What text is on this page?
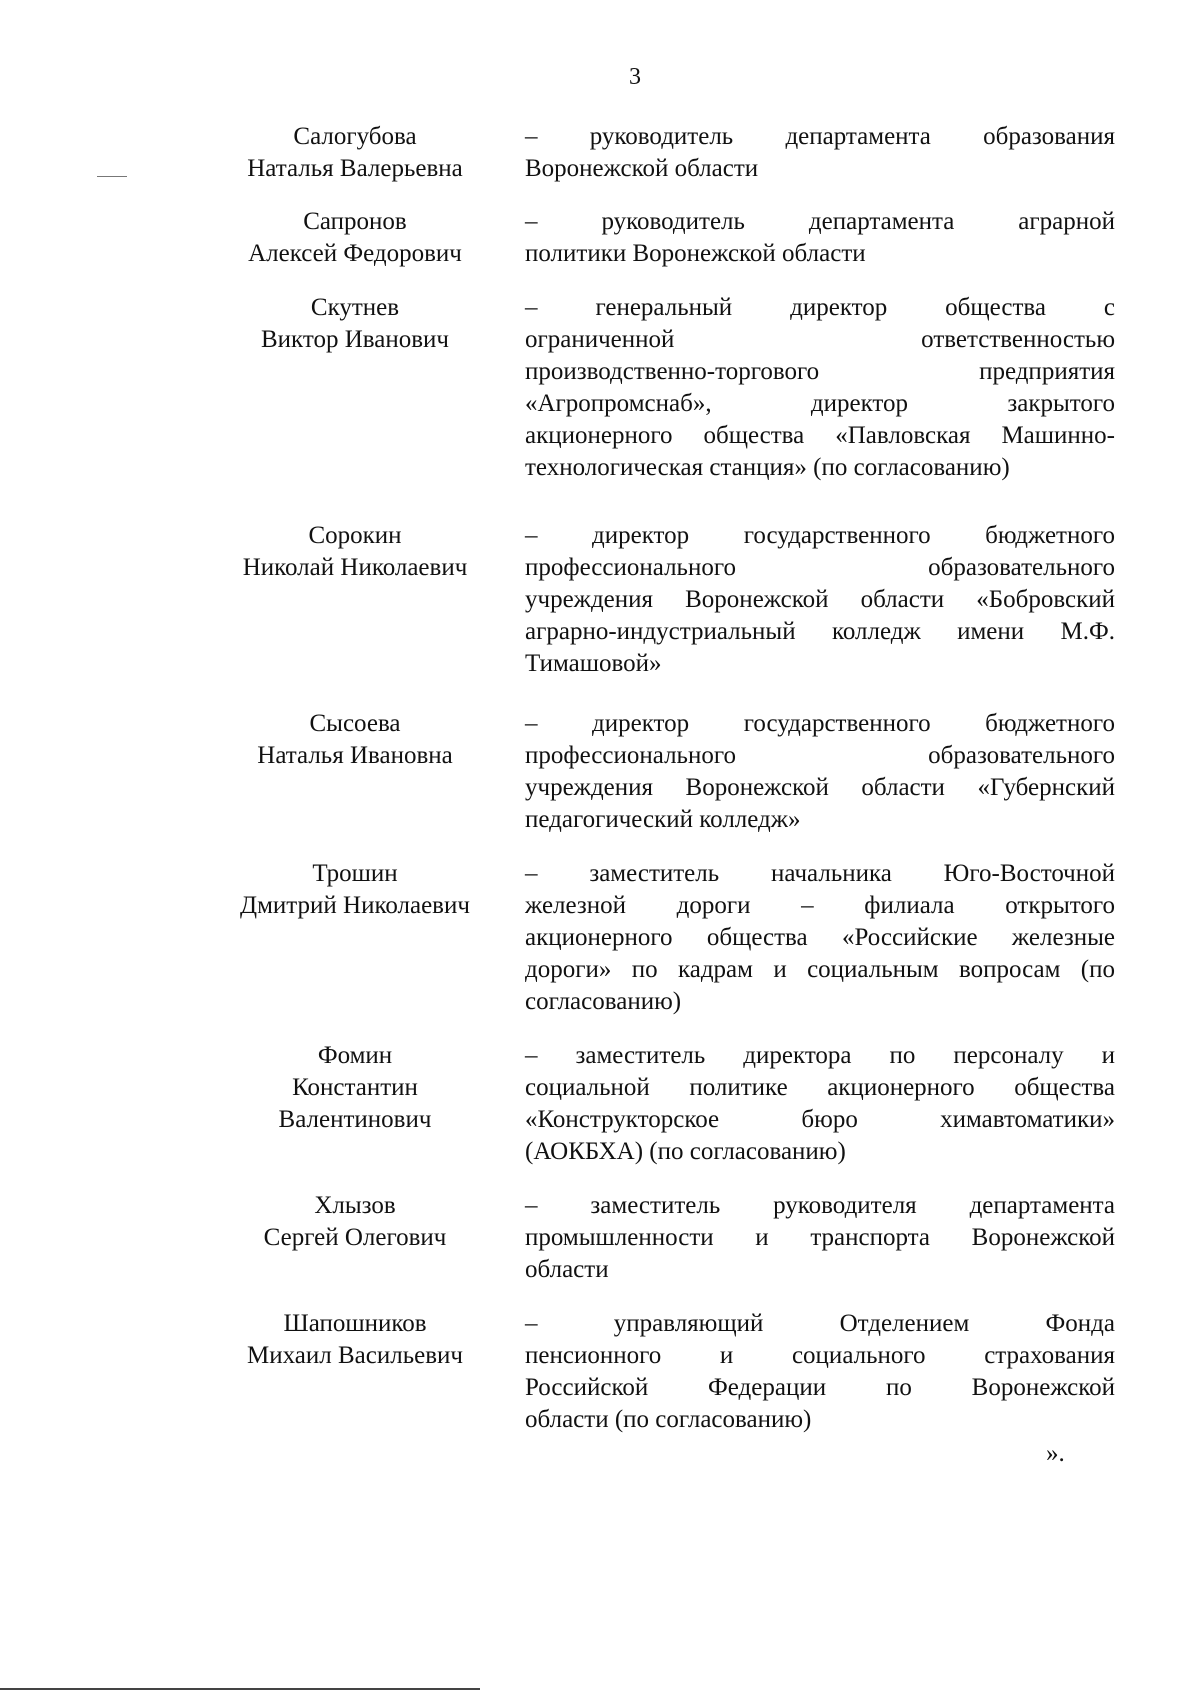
3
Салогубова
Наталья Валерьевна
– руководитель департамента образования
Воронежской области
Сапронов
Алексей Федорович
– руководитель департамента аграрной
политики Воронежской области
Скутнев
Виктор Иванович
– генеральный директор общества с
ограниченной ответственностью
производственно-торгового предприятия
«Агропромснаб», директор закрытого
акционерного общества «Павловская Машинно-
технологическая станция» (по согласованию)
Сорокин
Николай Николаевич
– директор государственного бюджетного
профессионального образовательного
учреждения Воронежской области «Бобровский
аграрно-индустриальный колледж имени М.Ф.
Тимашовой»
Сысоева
Наталья Ивановна
– директор государственного бюджетного
профессионального образовательного
учреждения Воронежской области «Губернский
педагогический колледж»
Трошин
Дмитрий Николаевич
– заместитель начальника Юго-Восточной
железной дороги – филиала открытого
акционерного общества «Российские железные
дороги» по кадрам и социальным вопросам (по
согласованию)
Фомин
Константин
Валентинович
– заместитель директора по персоналу и
социальной политике акционерного общества
«Конструкторское бюро химавтоматики»
(АОКБХА) (по согласованию)
Хлызов
Сергей Олегович
– заместитель руководителя департамента
промышленности и транспорта Воронежской
области
Шапошников
Михаил Васильевич
– управляющий Отделением Фонда
пенсионного и социального страхования
Российской Федерации по Воронежской
области (по согласованию)
».
